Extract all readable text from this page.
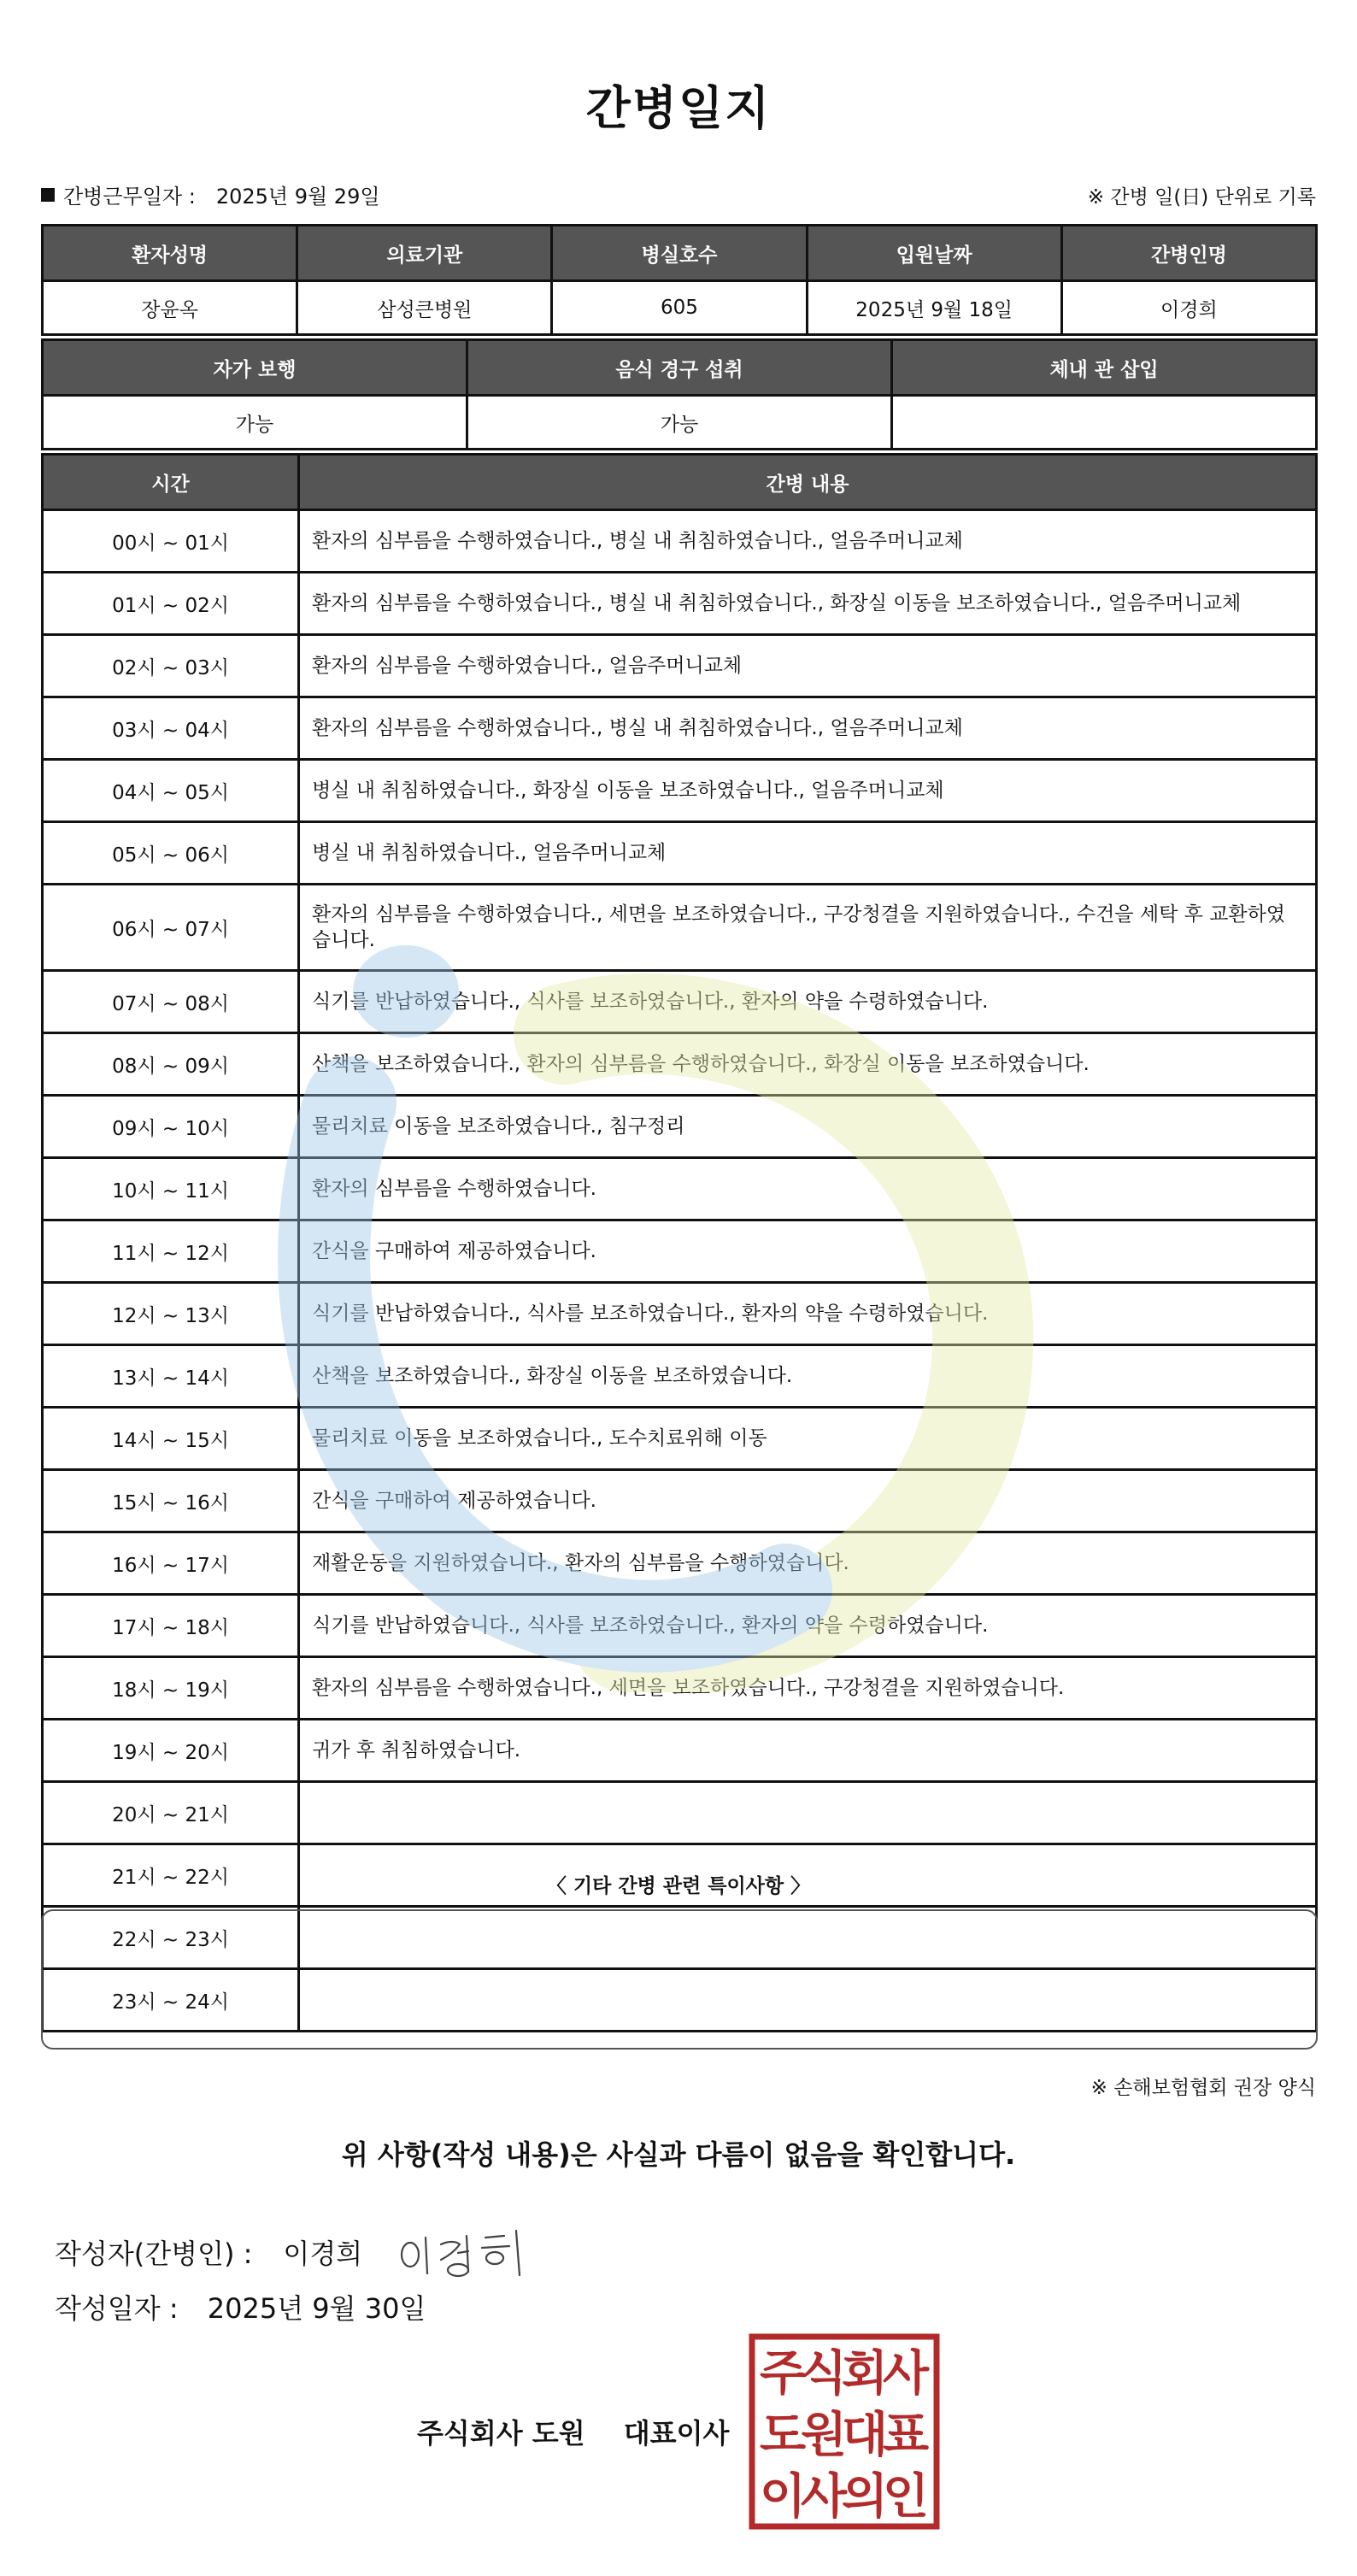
간병일지
간병근무일자 : 2025년 9월 29일	※ 간병 일(日) 단위로 기록
환자성명	의료기관	병실호수	입원날짜	간병인명
장윤옥	삼성큰병원	605	2025년 9월 18일	이경희
자가 보행	음식 경구 섭취	체내 관 삽입
가능	가능	
시간	간병 내용
00시 ~ 01시	환자의 심부름을 수행하였습니다., 병실 내 취침하였습니다., 얼음주머니교체
01시 ~ 02시	환자의 심부름을 수행하였습니다., 병실 내 취침하였습니다., 화장실 이동을 보조하였습니다., 얼음주머니교체
02시 ~ 03시	환자의 심부름을 수행하였습니다., 얼음주머니교체
03시 ~ 04시	환자의 심부름을 수행하였습니다., 병실 내 취침하였습니다., 얼음주머니교체
04시 ~ 05시	병실 내 취침하였습니다., 화장실 이동을 보조하였습니다., 얼음주머니교체
05시 ~ 06시	병실 내 취침하였습니다., 얼음주머니교체
06시 ~ 07시	환자의 심부름을 수행하였습니다., 세면을 보조하였습니다., 구강청결을 지원하였습니다., 수건을 세탁 후 교환하였습니다.
07시 ~ 08시	식기를 반납하였습니다., 식사를 보조하였습니다., 환자의 약을 수령하였습니다.
08시 ~ 09시	산책을 보조하였습니다., 환자의 심부름을 수행하였습니다., 화장실 이동을 보조하였습니다.
09시 ~ 10시	물리치료 이동을 보조하였습니다., 침구정리
10시 ~ 11시	환자의 심부름을 수행하였습니다.
11시 ~ 12시	간식을 구매하여 제공하였습니다.
12시 ~ 13시	식기를 반납하였습니다., 식사를 보조하였습니다., 환자의 약을 수령하였습니다.
13시 ~ 14시	산책을 보조하였습니다., 화장실 이동을 보조하였습니다.
14시 ~ 15시	물리치료 이동을 보조하였습니다., 도수치료위해 이동
15시 ~ 16시	간식을 구매하여 제공하였습니다.
16시 ~ 17시	재활운동을 지원하였습니다., 환자의 심부름을 수행하였습니다.
17시 ~ 18시	식기를 반납하였습니다., 식사를 보조하였습니다., 환자의 약을 수령하였습니다.
18시 ~ 19시	환자의 심부름을 수행하였습니다., 세면을 보조하였습니다., 구강청결을 지원하였습니다.
19시 ~ 20시	귀가 후 취침하였습니다.
20시 ~ 21시	
21시 ~ 22시	
22시 ~ 23시	
23시 ~ 24시	
〈 기타 간병 관련 특이사항 〉
※ 손해보험협회 권장 양식
위 사항(작성 내용)은 사실과 다름이 없음을 확인합니다.
작성자(간병인) : 이경희
작성일자 : 2025년 9월 30일
주식회사 도원 대표이사
주
식
회
사
도
원
대
표
이
사
의
인
